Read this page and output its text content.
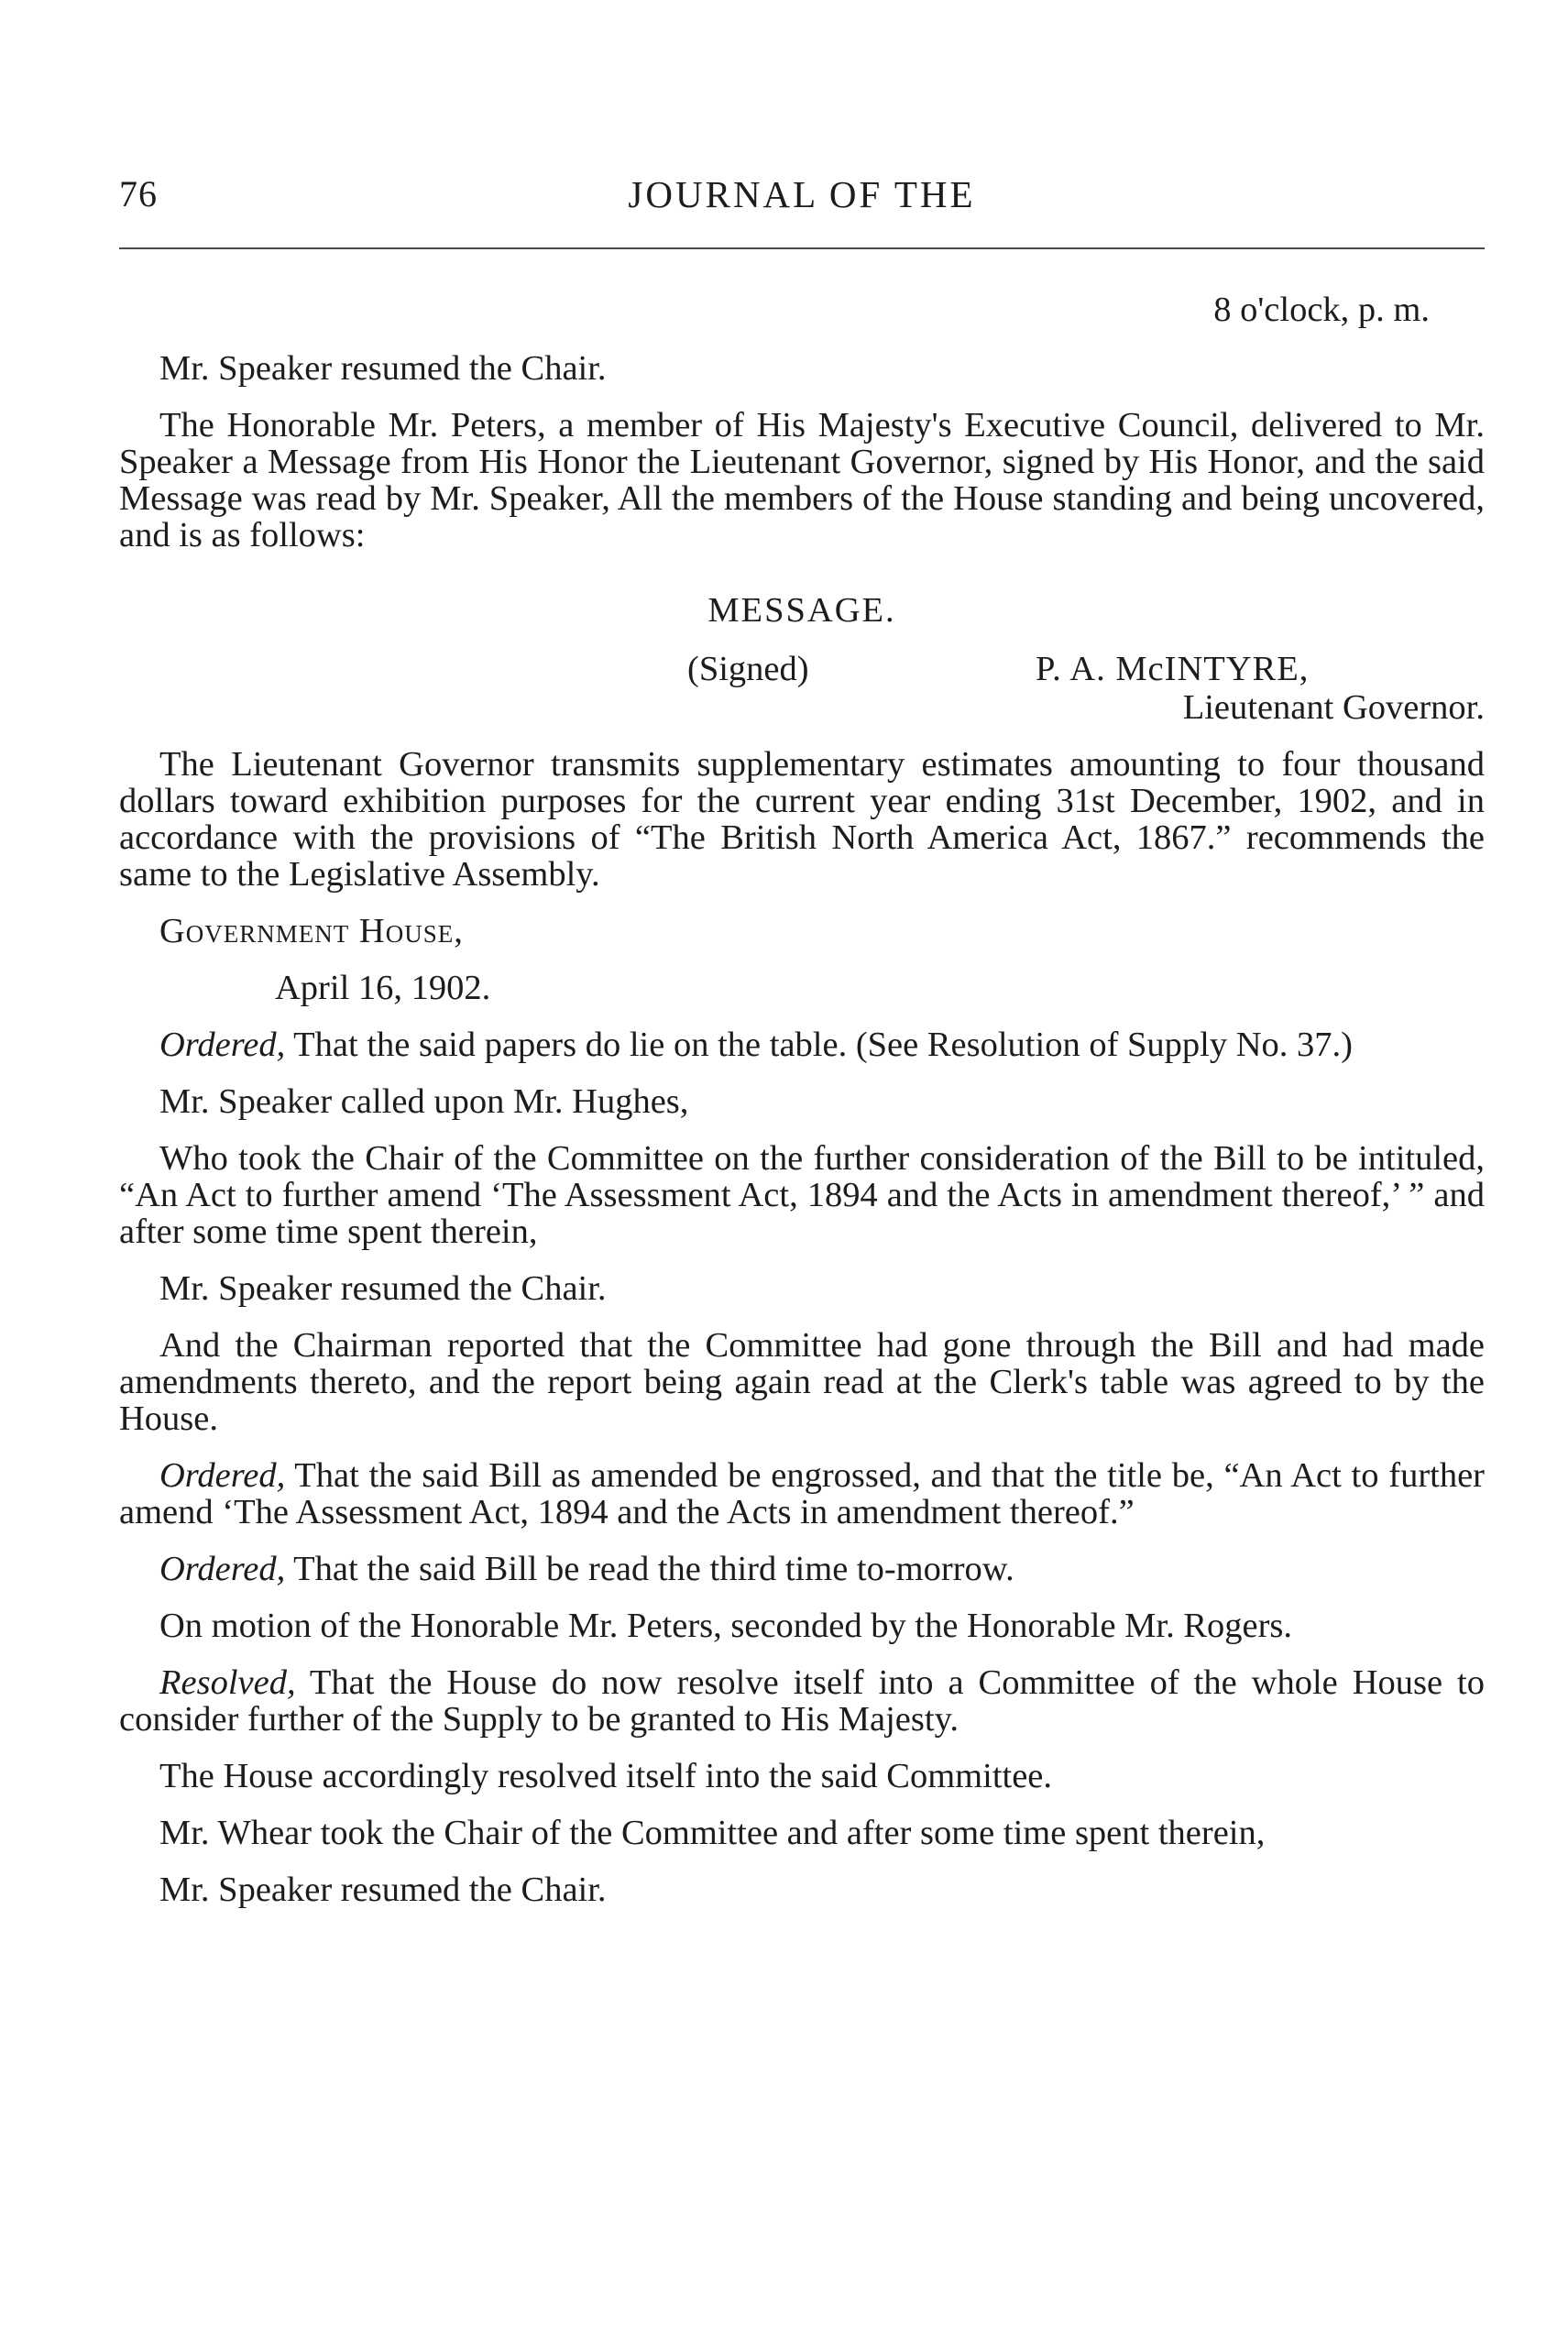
76	JOURNAL OF THE

8 o'clock, p. m.

Mr. Speaker resumed the Chair.

The Honorable Mr. Peters, a member of His Majesty's Executive Council, delivered to Mr. Speaker a Message from His Honor the Lieutenant Governor, signed by His Honor, and the said Message was read by Mr. Speaker, All the members of the House standing and being uncovered, and is as follows:

MESSAGE.

(Signed)	P. A. McINTYRE,
Lieutenant Governor.

The Lieutenant Governor transmits supplementary estimates amounting to four thousand dollars toward exhibition purposes for the current year ending 31st December, 1902, and in accordance with the provisions of “The British North America Act, 1867.” recommends the same to the Legislative Assembly.

Government House,

April 16, 1902.

Ordered, That the said papers do lie on the table. (See Resolution of Supply No. 37.)

Mr. Speaker called upon Mr. Hughes,

Who took the Chair of the Committee on the further consideration of the Bill to be intituled, “An Act to further amend ‘The Assessment Act, 1894 and the Acts in amendment thereof,’ ” and after some time spent therein,

Mr. Speaker resumed the Chair.

And the Chairman reported that the Committee had gone through the Bill and had made amendments thereto, and the report being again read at the Clerk's table was agreed to by the House.

Ordered, That the said Bill as amended be engrossed, and that the title be, “An Act to further amend ‘The Assessment Act, 1894 and the Acts in amendment thereof.”

Ordered, That the said Bill be read the third time to-morrow.

On motion of the Honorable Mr. Peters, seconded by the Honorable Mr. Rogers.

Resolved, That the House do now resolve itself into a Committee of the whole House to consider further of the Supply to be granted to His Majesty.

The House accordingly resolved itself into the said Committee.

Mr. Whear took the Chair of the Committee and after some time spent therein,

Mr. Speaker resumed the Chair.
